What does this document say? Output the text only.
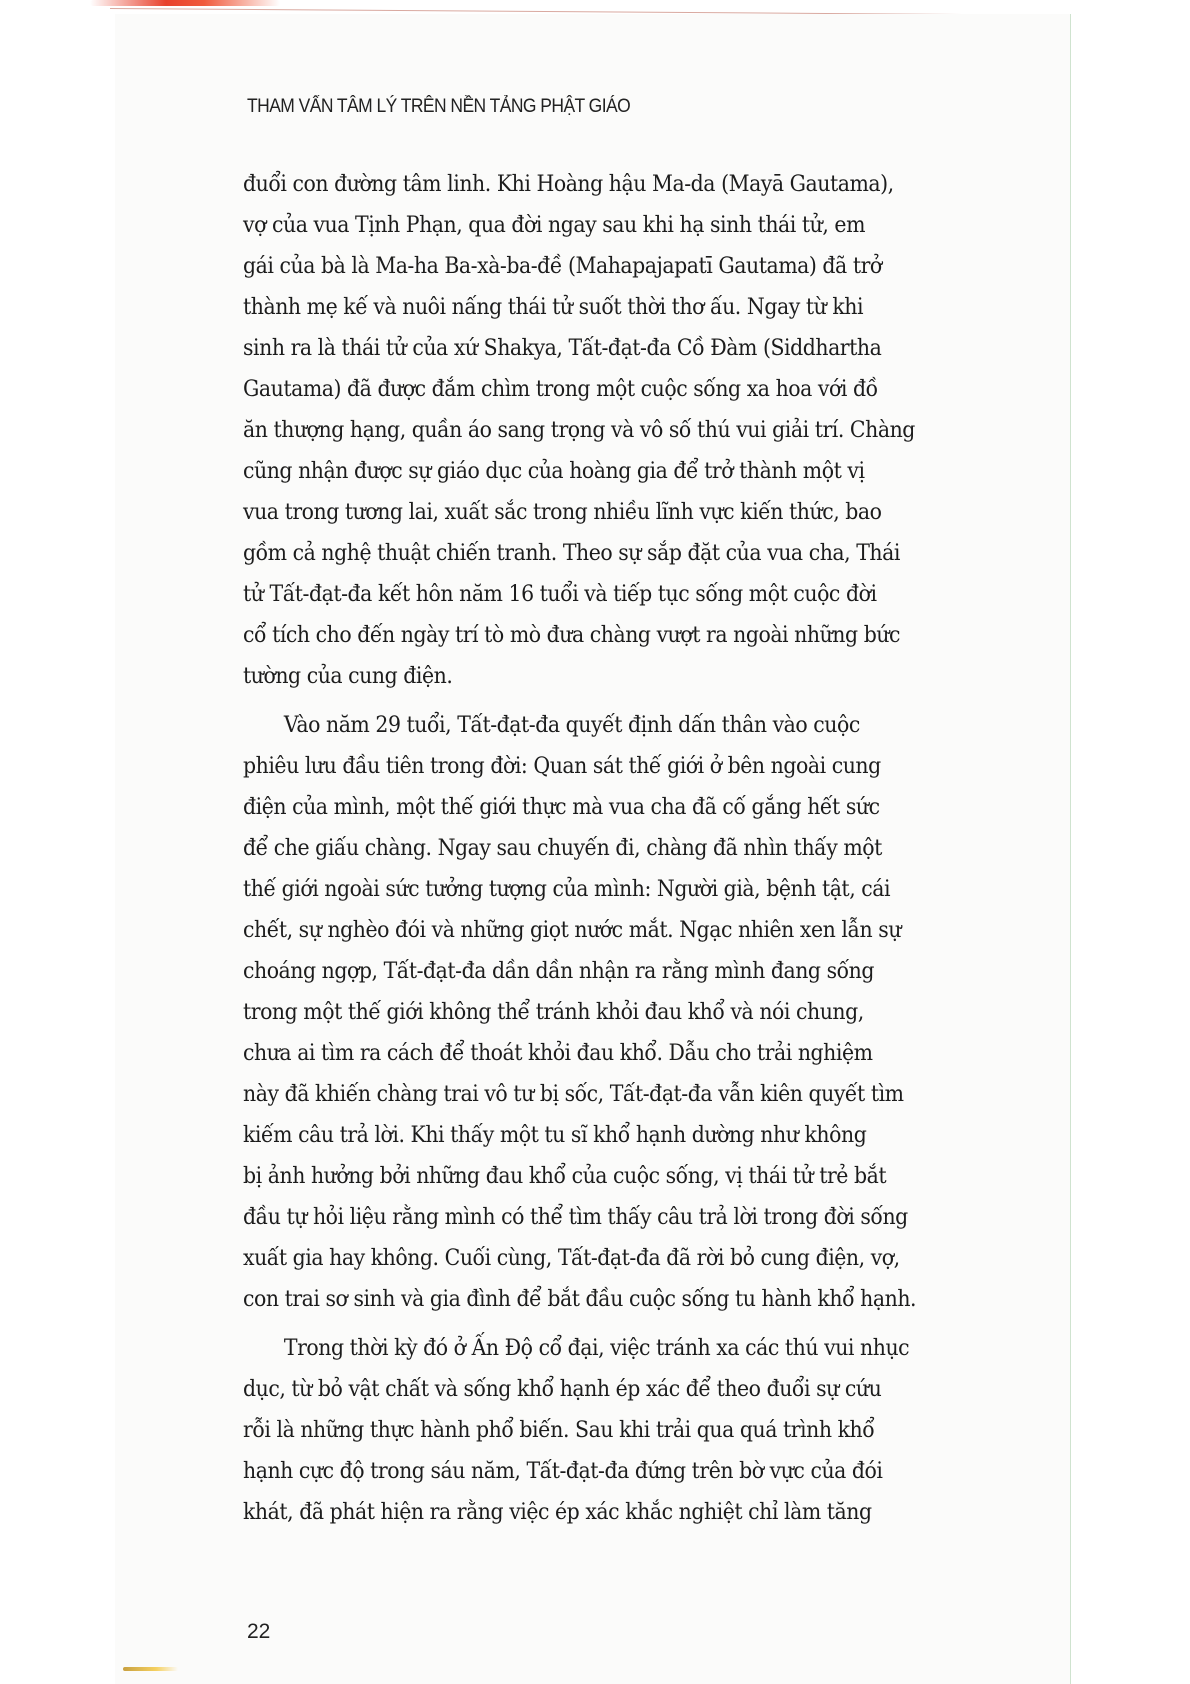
THAM VẤN TÂM LÝ TRÊN NỀN TẢNG PHẬT GIÁO
đuổi con đường tâm linh. Khi Hoàng hậu Ma-da (Mayā Gautama),
vợ của vua Tịnh Phạn, qua đời ngay sau khi hạ sinh thái tử, em
gái của bà là Ma-ha Ba-xà-ba-đề (Mahapajapatī Gautama) đã trở
thành mẹ kế và nuôi nấng thái tử suốt thời thơ ấu. Ngay từ khi
sinh ra là thái tử của xứ Shakya, Tất-đạt-đa Cồ Đàm (Siddhartha
Gautama) đã được đắm chìm trong một cuộc sống xa hoa với đồ
ăn thượng hạng, quần áo sang trọng và vô số thú vui giải trí. Chàng
cũng nhận được sự giáo dục của hoàng gia để trở thành một vị
vua trong tương lai, xuất sắc trong nhiều lĩnh vực kiến thức, bao
gồm cả nghệ thuật chiến tranh. Theo sự sắp đặt của vua cha, Thái
tử Tất-đạt-đa kết hôn năm 16 tuổi và tiếp tục sống một cuộc đời
cổ tích cho đến ngày trí tò mò đưa chàng vượt ra ngoài những bức
tường của cung điện.
Vào năm 29 tuổi, Tất-đạt-đa quyết định dấn thân vào cuộc
phiêu lưu đầu tiên trong đời: Quan sát thế giới ở bên ngoài cung
điện của mình, một thế giới thực mà vua cha đã cố gắng hết sức
để che giấu chàng. Ngay sau chuyến đi, chàng đã nhìn thấy một
thế giới ngoài sức tưởng tượng của mình: Người già, bệnh tật, cái
chết, sự nghèo đói và những giọt nước mắt. Ngạc nhiên xen lẫn sự
choáng ngợp, Tất-đạt-đa dần dần nhận ra rằng mình đang sống
trong một thế giới không thể tránh khỏi đau khổ và nói chung,
chưa ai tìm ra cách để thoát khỏi đau khổ. Dẫu cho trải nghiệm
này đã khiến chàng trai vô tư bị sốc, Tất-đạt-đa vẫn kiên quyết tìm
kiếm câu trả lời. Khi thấy một tu sĩ khổ hạnh dường như không
bị ảnh hưởng bởi những đau khổ của cuộc sống, vị thái tử trẻ bắt
đầu tự hỏi liệu rằng mình có thể tìm thấy câu trả lời trong đời sống
xuất gia hay không. Cuối cùng, Tất-đạt-đa đã rời bỏ cung điện, vợ,
con trai sơ sinh và gia đình để bắt đầu cuộc sống tu hành khổ hạnh.
Trong thời kỳ đó ở Ấn Độ cổ đại, việc tránh xa các thú vui nhục
dục, từ bỏ vật chất và sống khổ hạnh ép xác để theo đuổi sự cứu
rỗi là những thực hành phổ biến. Sau khi trải qua quá trình khổ
hạnh cực độ trong sáu năm, Tất-đạt-đa đứng trên bờ vực của đói
khát, đã phát hiện ra rằng việc ép xác khắc nghiệt chỉ làm tăng
22
